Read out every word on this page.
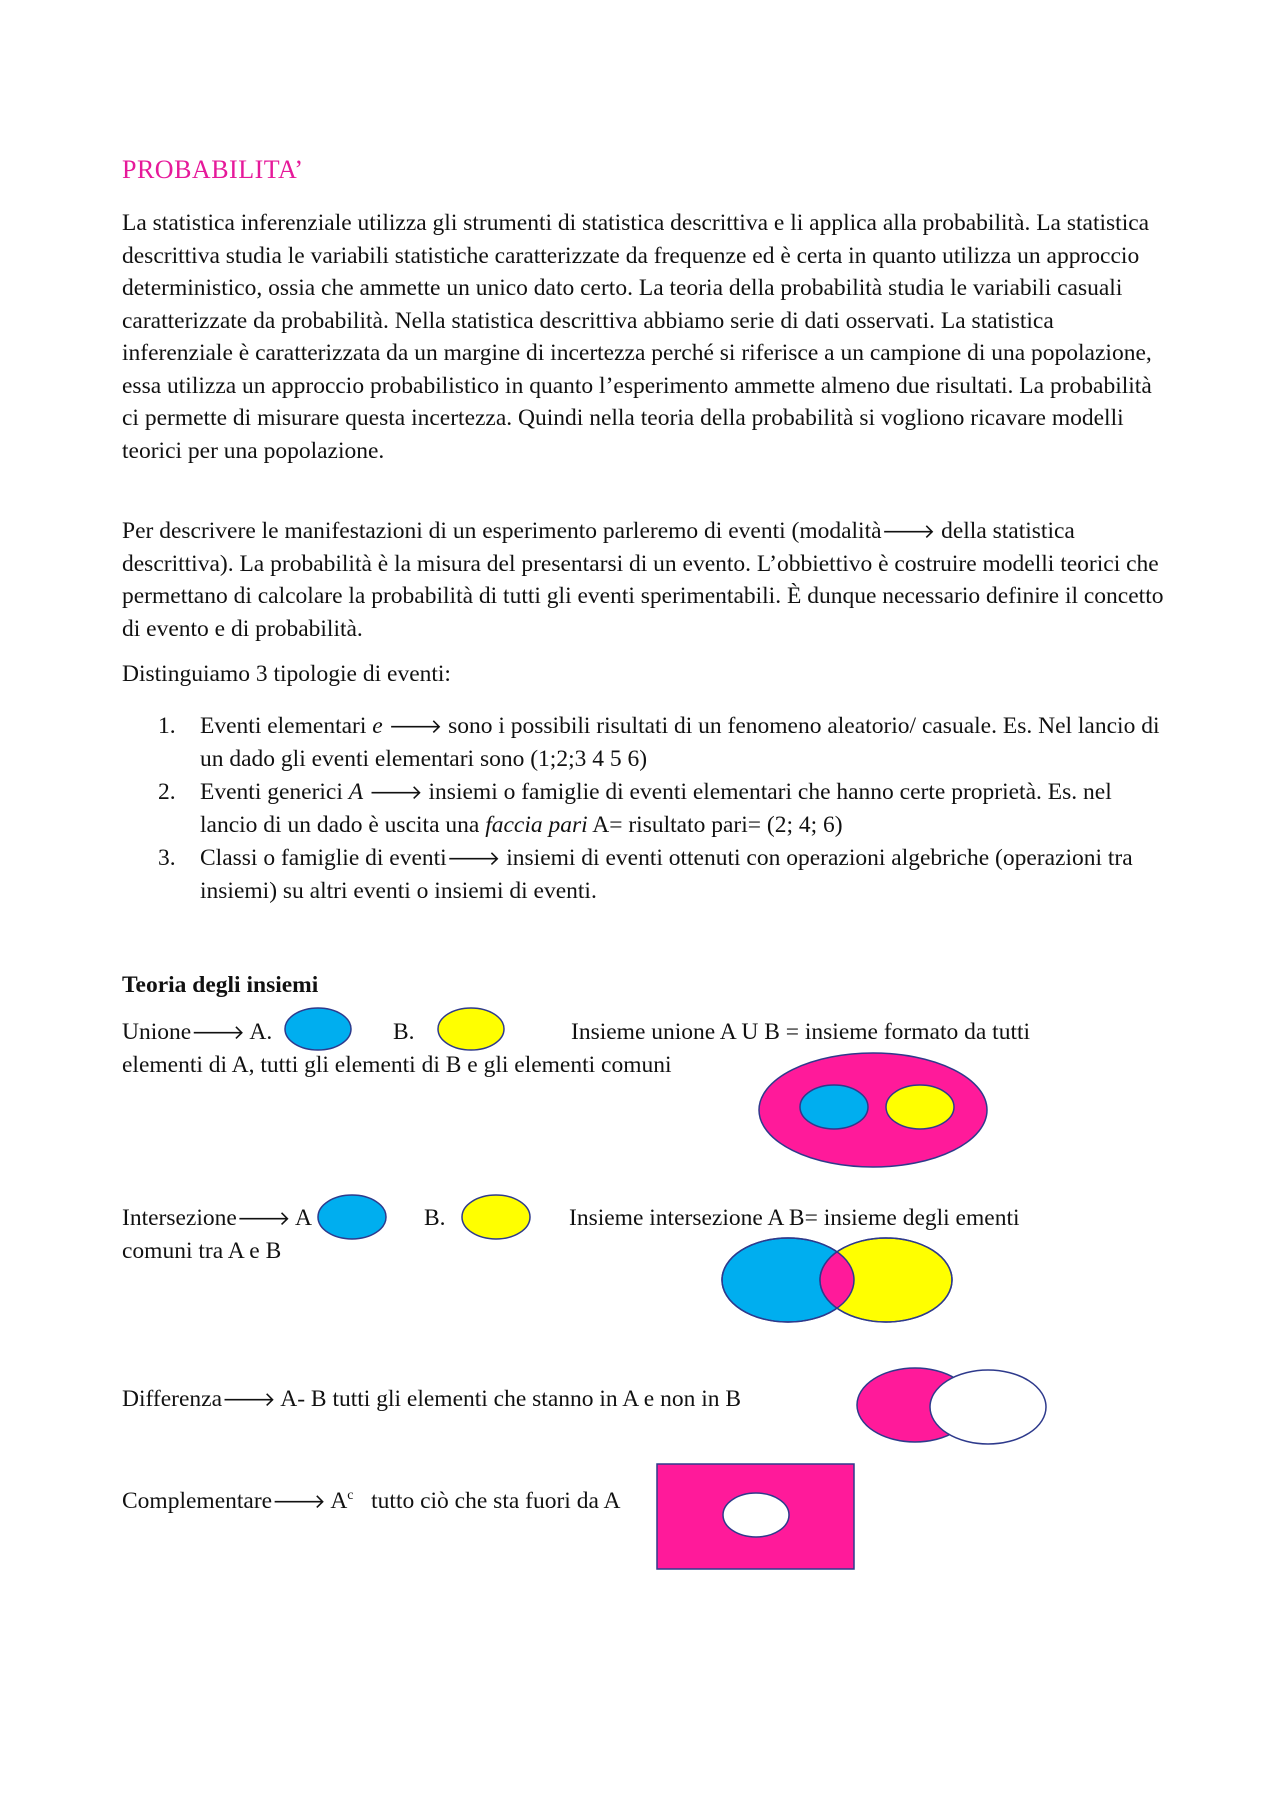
PROBABILITA’
La statistica inferenziale utilizza gli strumenti di statistica descrittiva e li applica alla probabilità. La statistica descrittiva studia le variabili statistiche caratterizzate da frequenze ed è certa in quanto utilizza un approccio deterministico, ossia che ammette un unico dato certo. La teoria della probabilità studia le variabili casuali caratterizzate da probabilità. Nella statistica descrittiva abbiamo serie di dati osservati. La statistica inferenziale è caratterizzata da un margine di incertezza perché si riferisce a un campione di una popolazione, essa utilizza un approccio probabilistico in quanto l’esperimento ammette almeno due risultati. La probabilità ci permette di misurare questa incertezza. Quindi nella teoria della probabilità si vogliono ricavare modelli teorici per una popolazione.
Per descrivere le manifestazioni di un esperimento parleremo di eventi (modalità🡒 della statistica descrittiva). La probabilità è la misura del presentarsi di un evento. L’obbiettivo è costruire modelli teorici che permettano di calcolare la probabilità di tutti gli eventi sperimentabili. È dunque necessario definire il concetto di evento e di probabilità.
Distinguiamo 3 tipologie di eventi:
1. Eventi elementari e 🡒 sono i possibili risultati di un fenomeno aleatorio/ casuale. Es. Nel lancio di un dado gli eventi elementari sono (1;2;3 4 5 6)
2. Eventi generici A 🡒 insiemi o famiglie di eventi elementari che hanno certe proprietà. Es. nel lancio di un dado è uscita una faccia pari A= risultato pari= (2; 4; 6)
3. Classi o famiglie di eventi🡒 insiemi di eventi ottenuti con operazioni algebriche (operazioni tra insiemi) su altri eventi o insiemi di eventi.
Teoria degli insiemi
Unione🡒 A.	B.	Insieme unione A U B = insieme formato da tutti
elementi di A, tutti gli elementi di B e gli elementi comuni
Intersezione🡒 A	B.	Insieme intersezione A B= insieme degli ementi
comuni tra A e B
Differenza🡒 A- B tutti gli elementi che stanno in A e non in B
Complementare🡒 $A^c$ tutto ciò che sta fuori da A
